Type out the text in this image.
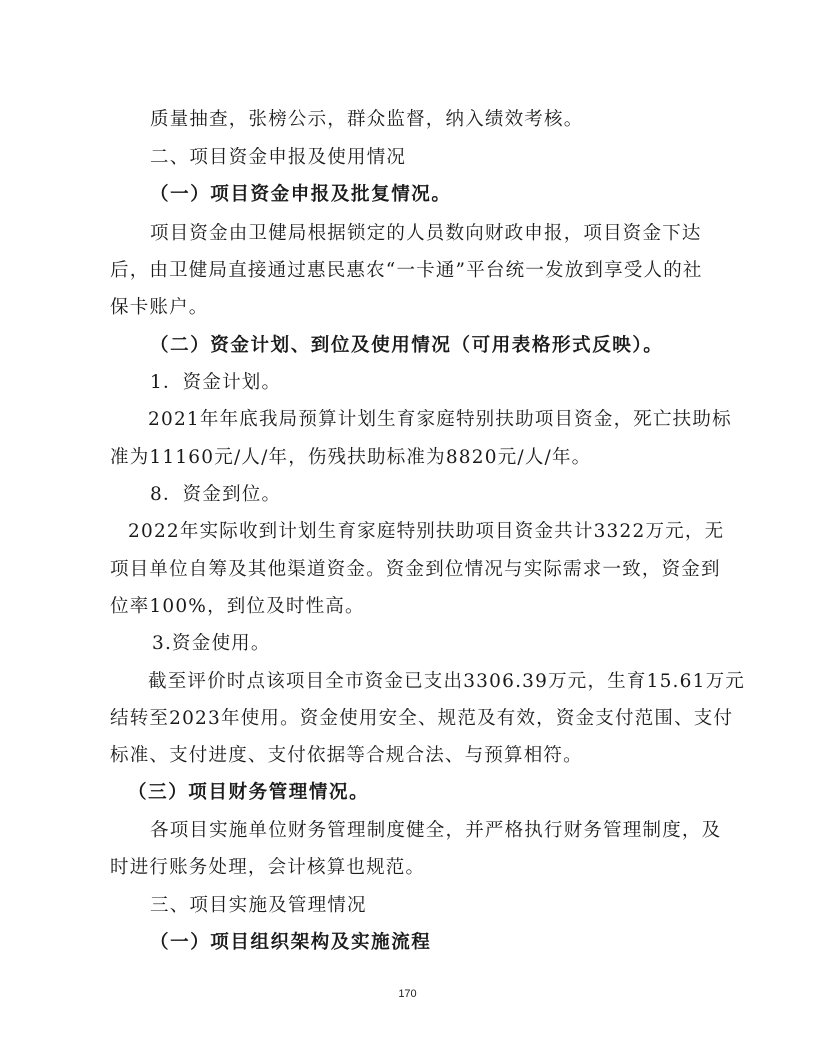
质量抽查，张榜公示，群众监督，纳入绩效考核。
二、项目资金申报及使用情况
（一）项目资金申报及批复情况。
项目资金由卫健局根据锁定的人员数向财政申报，项目资金下达
后，由卫健局直接通过惠民惠农“一卡通”平台统一发放到享受人的社
保卡账户。
（二）资金计划、到位及使用情况（可用表格形式反映）。
1．资金计划。
2021年年底我局预算计划生育家庭特别扶助项目资金，死亡扶助标
准为11160元/人/年，伤残扶助标准为8820元/人/年。
8．资金到位。
2022年实际收到计划生育家庭特别扶助项目资金共计3322万元，无
项目单位自筹及其他渠道资金。资金到位情况与实际需求一致，资金到
位率100%，到位及时性高。
3.资金使用。
截至评价时点该项目全市资金已支出3306.39万元，生育15.61万元
结转至2023年使用。资金使用安全、规范及有效，资金支付范围、支付
标准、支付进度、支付依据等合规合法、与预算相符。
（三）项目财务管理情况。
各项目实施单位财务管理制度健全，并严格执行财务管理制度，及
时进行账务处理，会计核算也规范。
三、项目实施及管理情况
（一）项目组织架构及实施流程
170
